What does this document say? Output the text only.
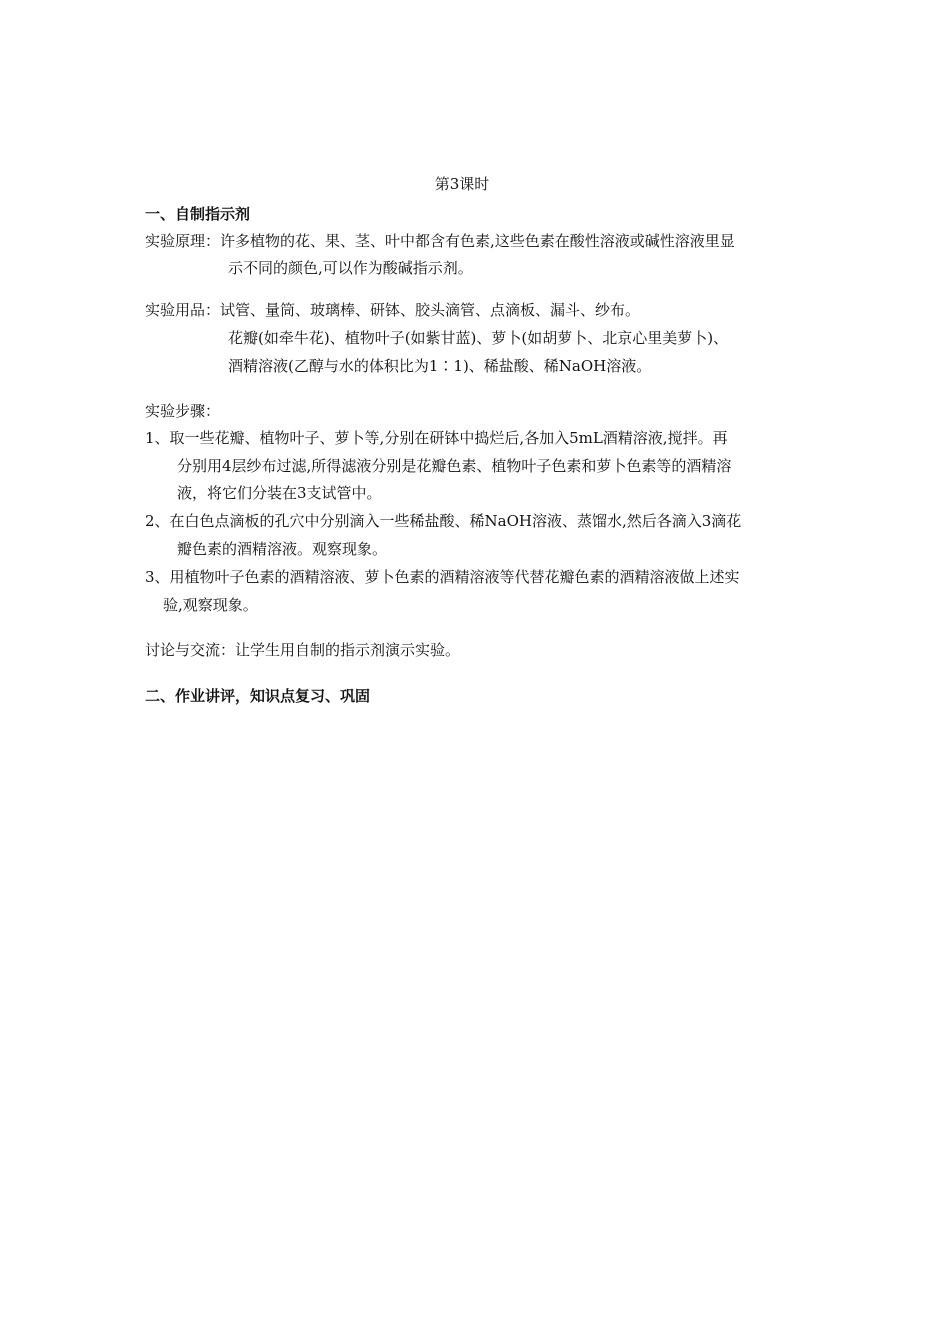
第3课时
一、自制指示剂
实验原理：许多植物的花、果、茎、叶中都含有色素,这些色素在酸性溶液或碱性溶液里显
示不同的颜色,可以作为酸碱指示剂。
实验用品：试管、量筒、玻璃棒、研钵、胶头滴管、点滴板、漏斗、纱布。
花瓣(如牵牛花)、植物叶子(如紫甘蓝)、萝卜(如胡萝卜、北京心里美萝卜)、
酒精溶液(乙醇与水的体积比为1∶1)、稀盐酸、稀NaOH溶液。
实验步骤：
1、取一些花瓣、植物叶子、萝卜等,分别在研钵中捣烂后,各加入5mL酒精溶液,搅拌。再
分别用4层纱布过滤,所得滤液分别是花瓣色素、植物叶子色素和萝卜色素等的酒精溶
液，将它们分装在3支试管中。
2、在白色点滴板的孔穴中分别滴入一些稀盐酸、稀NaOH溶液、蒸馏水,然后各滴入3滴花
瓣色素的酒精溶液。观察现象。
3、用植物叶子色素的酒精溶液、萝卜色素的酒精溶液等代替花瓣色素的酒精溶液做上述实
验,观察现象。
讨论与交流：让学生用自制的指示剂演示实验。
二、作业讲评，知识点复习、巩固
